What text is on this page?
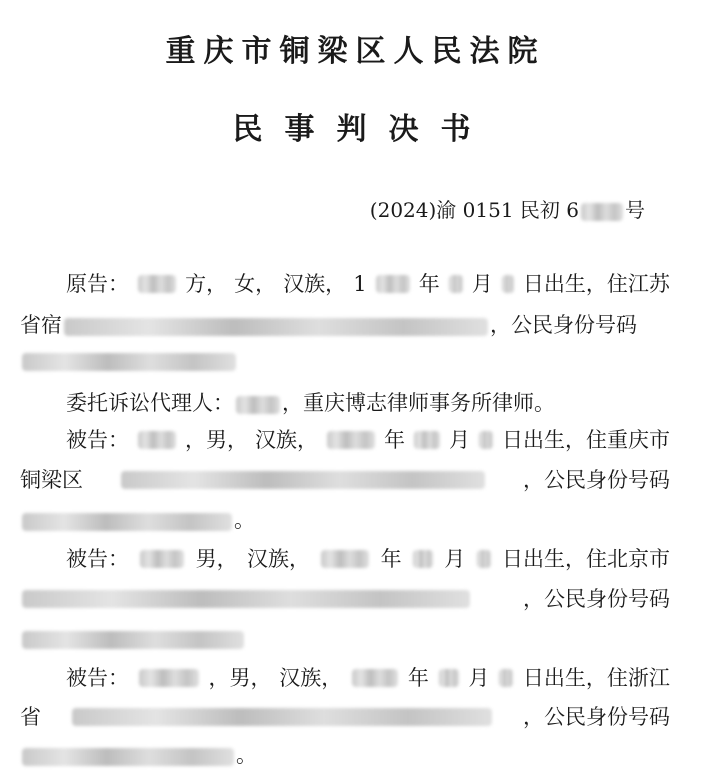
重庆市铜梁区人民法院
民事判决书
(2024)渝 0151 民初 6 号
原告：	方， 女， 汉族， 1 年 月 日出生，住江苏
省宿	，公民身份号码
委托诉讼代理人： ，重庆博志律师事务所律师。
被告：	，男， 汉族，	年 月 日出生，住重庆市
铜梁区	，公民身份号码
。
被告：	男， 汉族，	年 月 日出生，住北京市
，公民身份号码
被告：	，男， 汉族，	年 月 日出生，住浙江
省	，公民身份号码
。
